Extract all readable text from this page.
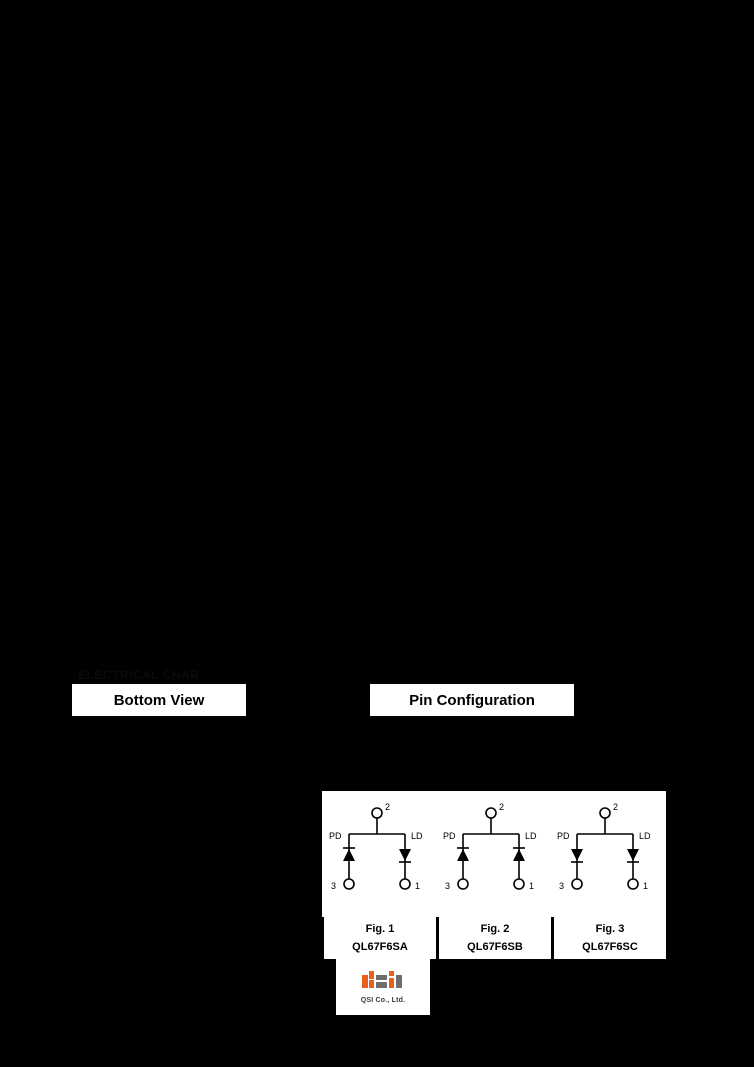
ELECTRICAL CHAR
Bottom View	Pin Configuration
2
3	1
PD	LD
2
3	1
PD	LD
2
3	1
PD	LD
Fig. 1
QL67F6SA
Fig. 2
QL67F6SB
Fig. 3
QL67F6SC
QSI Co., Ltd.
